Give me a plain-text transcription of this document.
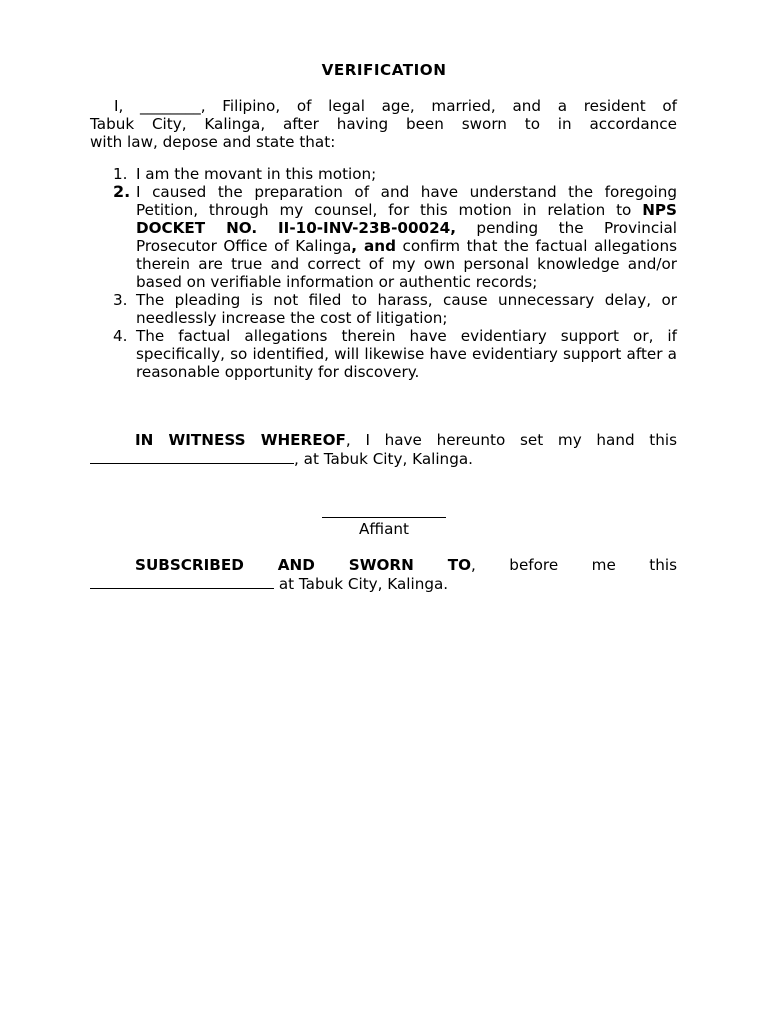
VERIFICATION
I, ________, Filipino, of legal age, married, and a resident of
Tabuk City, Kalinga, after having been sworn to in accordance
with law, depose and state that:
1. I am the movant in this motion;
2. I caused the preparation of and have understand the foregoing Petition, through my counsel, for this motion in relation to NPS DOCKET NO. II-10-INV-23B-00024, pending the Provincial Prosecutor Office of Kalinga, and confirm that the factual allegations therein are true and correct of my own personal knowledge and/or based on verifiable information or authentic records;
3. The pleading is not filed to harass, cause unnecessary delay, or needlessly increase the cost of litigation;
4. The factual allegations therein have evidentiary support or, if specifically, so identified, will likewise have evidentiary support after a reasonable opportunity for discovery.
IN WITNESS WHEREOF, I have hereunto set my hand this
, at Tabuk City, Kalinga.
Affiant
SUBSCRIBED AND SWORN TO, before me this
at Tabuk City, Kalinga.
